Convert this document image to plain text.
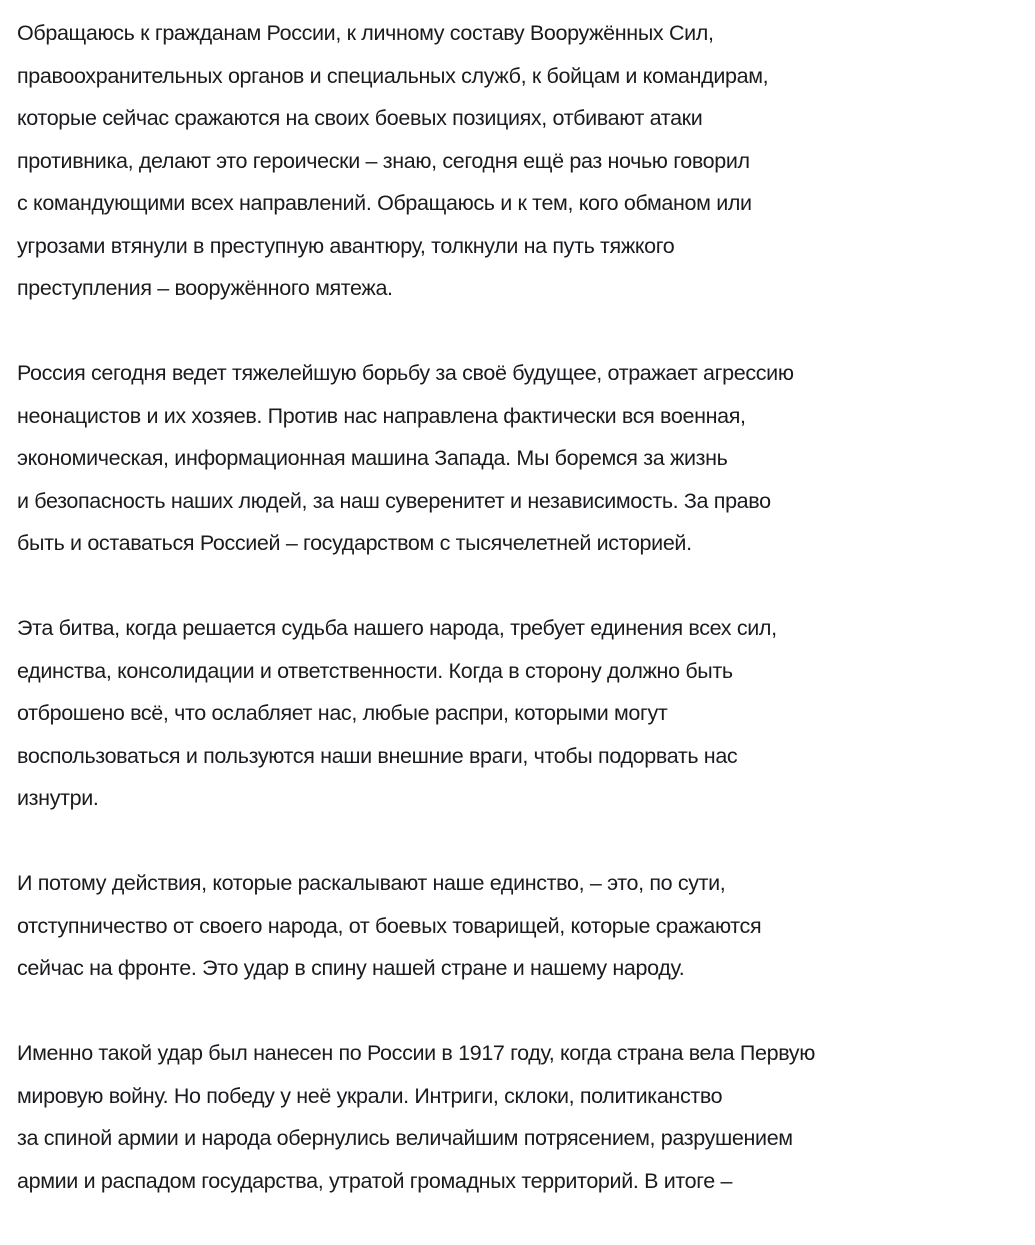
Обращаюсь к гражданам России, к личному составу Вооружённых Сил,
правоохранительных органов и специальных служб, к бойцам и командирам,
которые сейчас сражаются на своих боевых позициях, отбивают атаки
противника, делают это героически – знаю, сегодня ещё раз ночью говорил
с командующими всех направлений. Обращаюсь и к тем, кого обманом или
угрозами втянули в преступную авантюру, толкнули на путь тяжкого
преступления – вооружённого мятежа.

Россия сегодня ведет тяжелейшую борьбу за своё будущее, отражает агрессию
неонацистов и их хозяев. Против нас направлена фактически вся военная,
экономическая, информационная машина Запада. Мы боремся за жизнь
и безопасность наших людей, за наш суверенитет и независимость. За право
быть и оставаться Россией – государством с тысячелетней историей.

Эта битва, когда решается судьба нашего народа, требует единения всех сил,
единства, консолидации и ответственности. Когда в сторону должно быть
отброшено всё, что ослабляет нас, любые распри, которыми могут
воспользоваться и пользуются наши внешние враги, чтобы подорвать нас
изнутри.

И потому действия, которые раскалывают наше единство, – это, по сути,
отступничество от своего народа, от боевых товарищей, которые сражаются
сейчас на фронте. Это удар в спину нашей стране и нашему народу.

Именно такой удар был нанесен по России в 1917 году, когда страна вела Первую
мировую войну. Но победу у неё украли. Интриги, склоки, политиканство
за спиной армии и народа обернулись величайшим потрясением, разрушением
армии и распадом государства, утратой громадных территорий. В итоге –
